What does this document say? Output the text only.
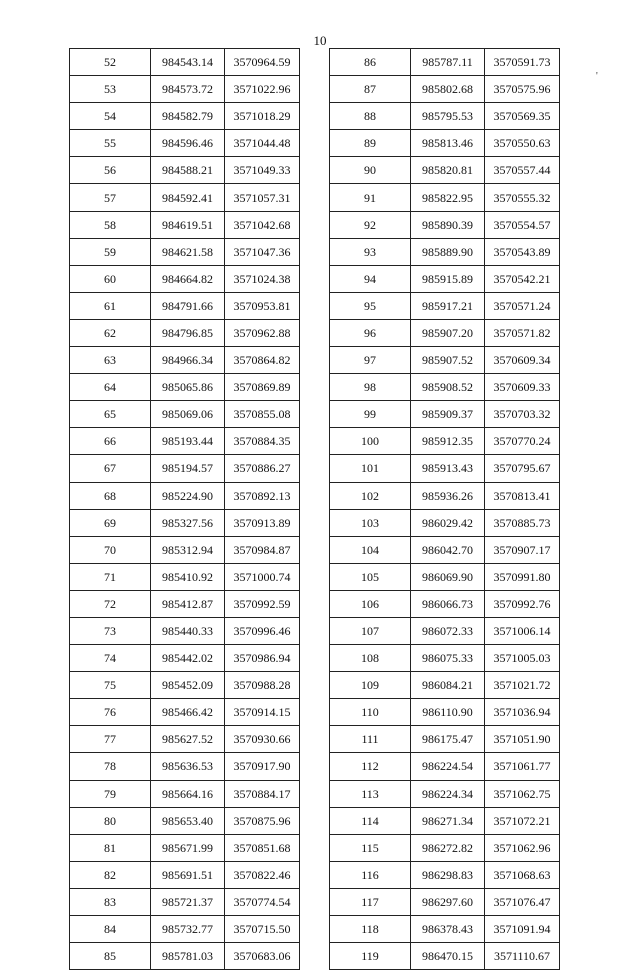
10
'
52	984543.14	3570964.59
53	984573.72	3571022.96
54	984582.79	3571018.29
55	984596.46	3571044.48
56	984588.21	3571049.33
57	984592.41	3571057.31
58	984619.51	3571042.68
59	984621.58	3571047.36
60	984664.82	3571024.38
61	984791.66	3570953.81
62	984796.85	3570962.88
63	984966.34	3570864.82
64	985065.86	3570869.89
65	985069.06	3570855.08
66	985193.44	3570884.35
67	985194.57	3570886.27
68	985224.90	3570892.13
69	985327.56	3570913.89
70	985312.94	3570984.87
71	985410.92	3571000.74
72	985412.87	3570992.59
73	985440.33	3570996.46
74	985442.02	3570986.94
75	985452.09	3570988.28
76	985466.42	3570914.15
77	985627.52	3570930.66
78	985636.53	3570917.90
79	985664.16	3570884.17
80	985653.40	3570875.96
81	985671.99	3570851.68
82	985691.51	3570822.46
83	985721.37	3570774.54
84	985732.77	3570715.50
85	985781.03	3570683.06
86	985787.11	3570591.73
87	985802.68	3570575.96
88	985795.53	3570569.35
89	985813.46	3570550.63
90	985820.81	3570557.44
91	985822.95	3570555.32
92	985890.39	3570554.57
93	985889.90	3570543.89
94	985915.89	3570542.21
95	985917.21	3570571.24
96	985907.20	3570571.82
97	985907.52	3570609.34
98	985908.52	3570609.33
99	985909.37	3570703.32
100	985912.35	3570770.24
101	985913.43	3570795.67
102	985936.26	3570813.41
103	986029.42	3570885.73
104	986042.70	3570907.17
105	986069.90	3570991.80
106	986066.73	3570992.76
107	986072.33	3571006.14
108	986075.33	3571005.03
109	986084.21	3571021.72
110	986110.90	3571036.94
111	986175.47	3571051.90
112	986224.54	3571061.77
113	986224.34	3571062.75
114	986271.34	3571072.21
115	986272.82	3571062.96
116	986298.83	3571068.63
117	986297.60	3571076.47
118	986378.43	3571091.94
119	986470.15	3571110.67
